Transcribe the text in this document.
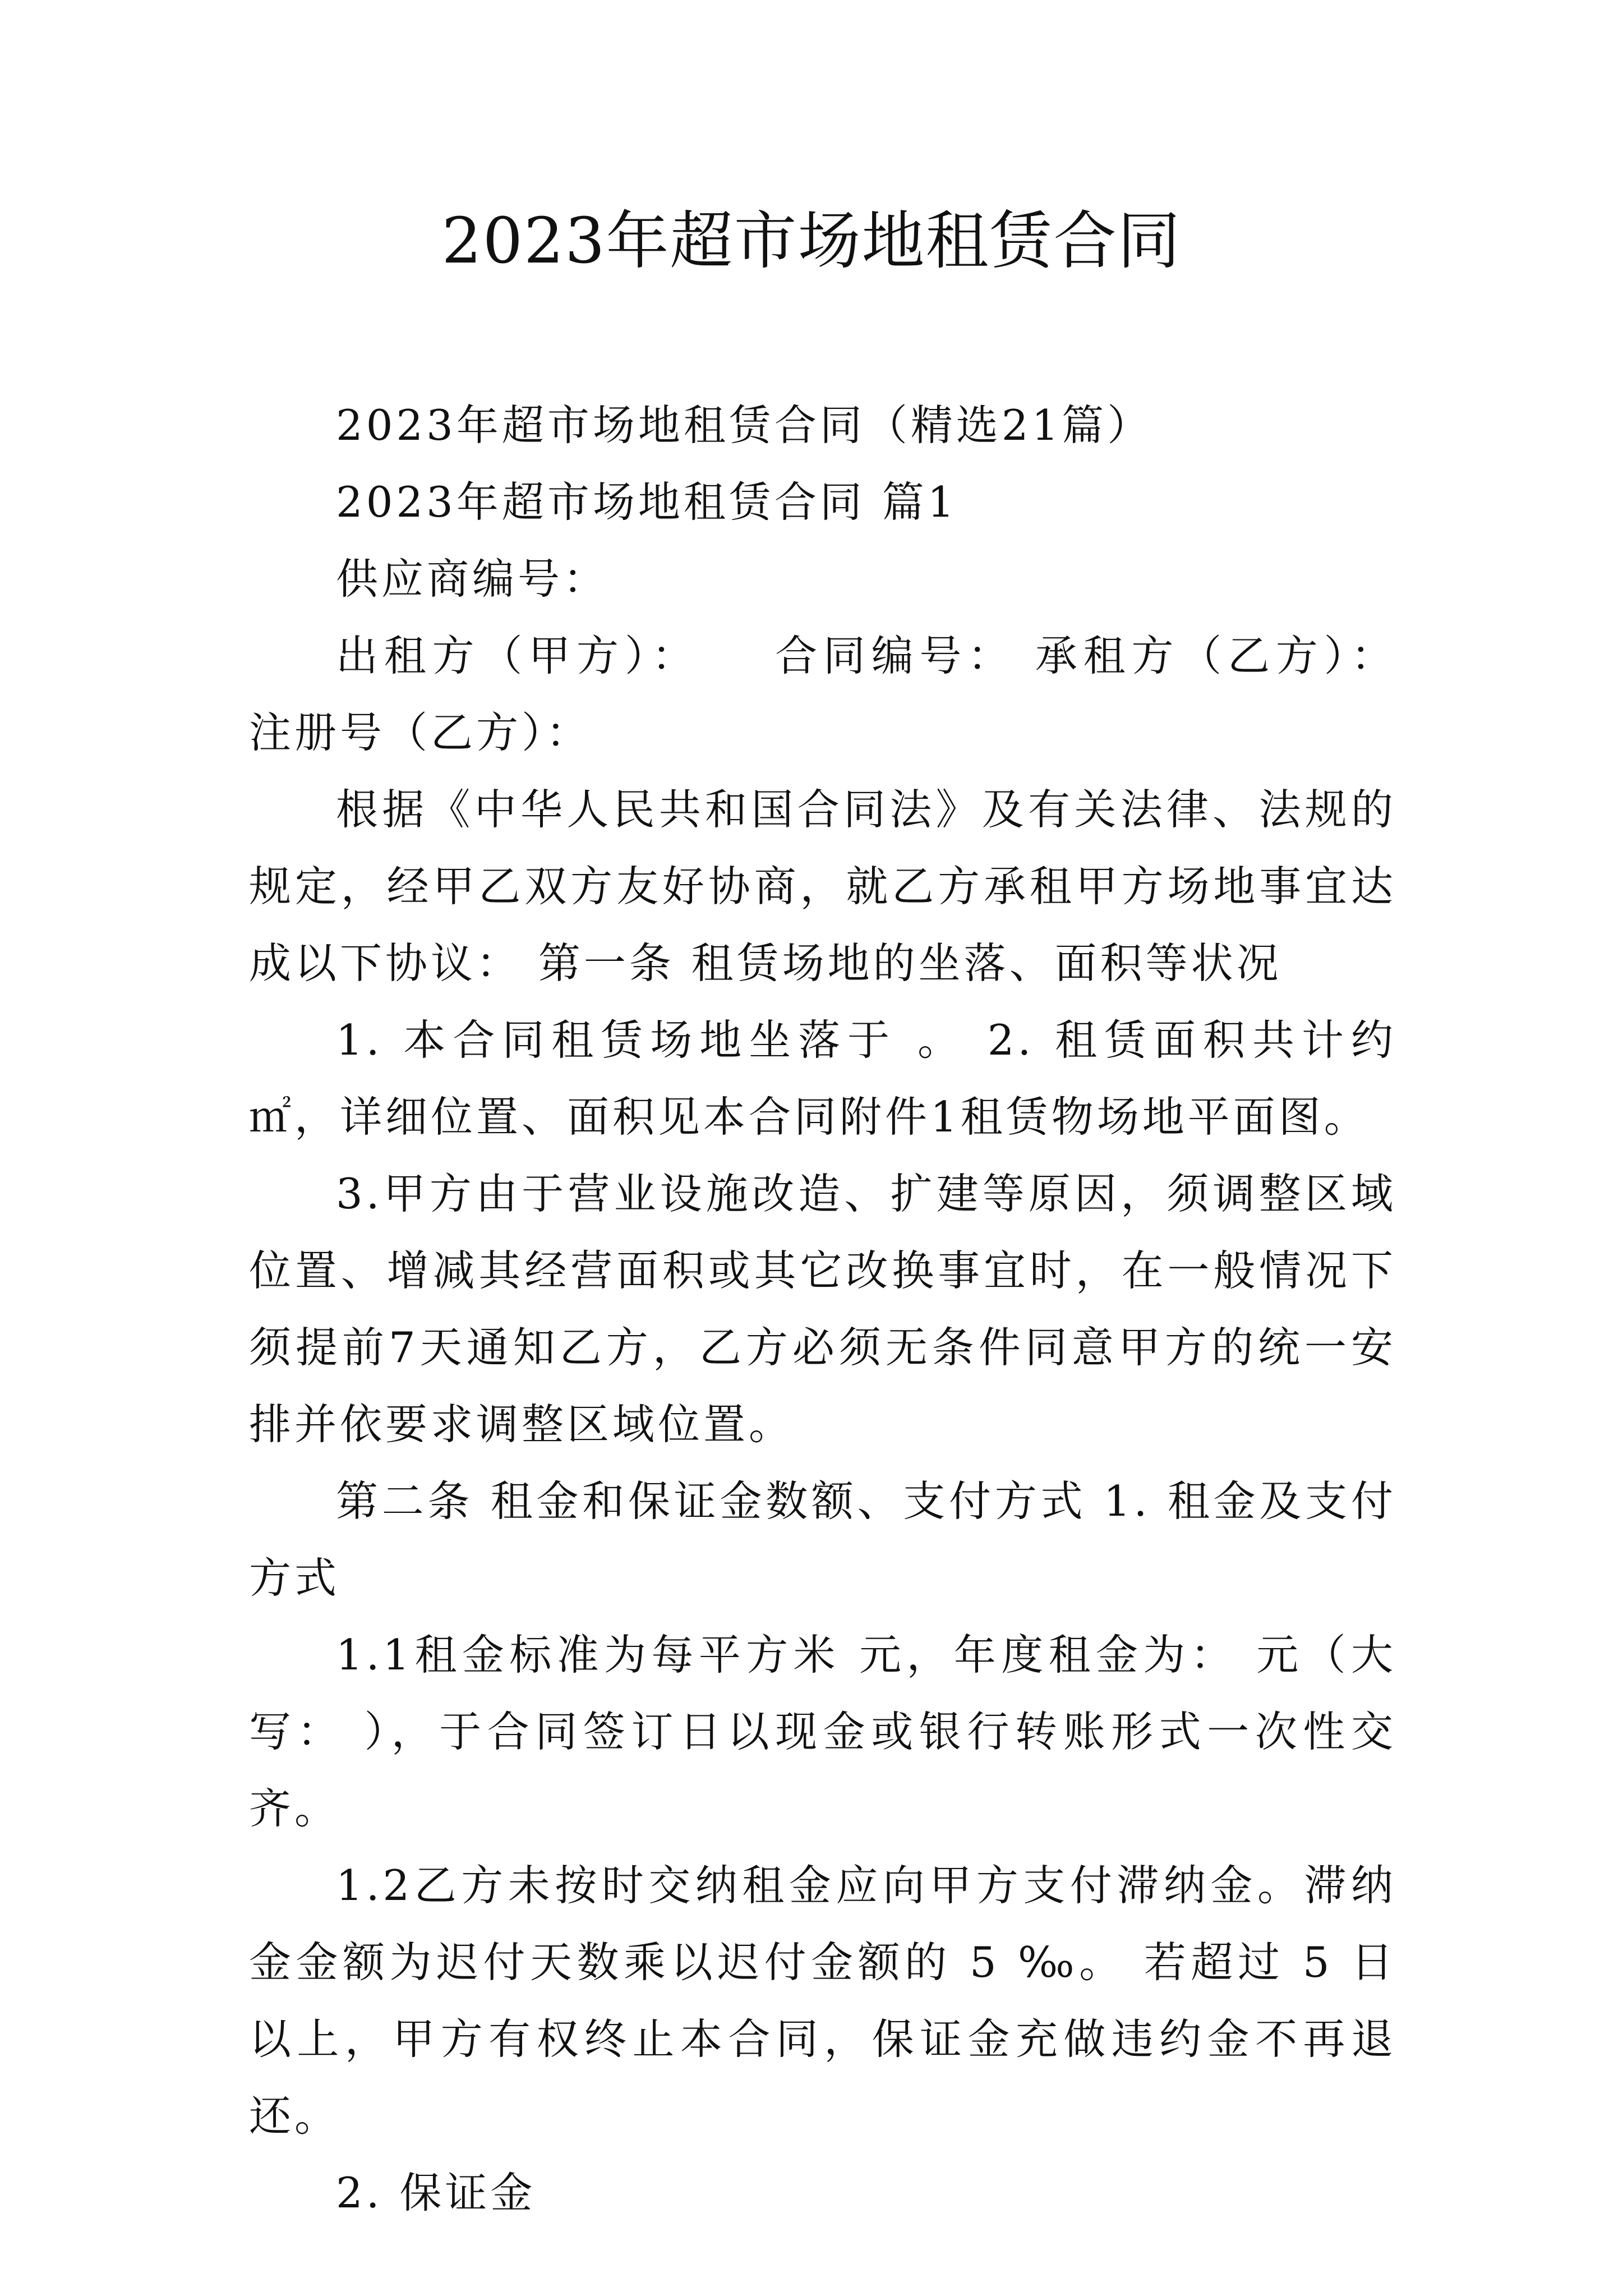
2023年超市场地租赁合同

2023年超市场地租赁合同（精选21篇）

2023年超市场地租赁合同 篇1

供应商编号：

出租方（甲方）：　　合同编号： 承租方（乙方）： 注册号（乙方）：

根据《中华人民共和国合同法》及有关法律、法规的规定，经甲乙双方友好协商，就乙方承租甲方场地事宜达成以下协议： 第一条 租赁场地的坐落、面积等状况

1. 本合同租赁场地坐落于 。 2. 租赁面积共计约 ㎡，详细位置、面积见本合同附件1租赁物场地平面图。

3.甲方由于营业设施改造、扩建等原因，须调整区域位置、增减其经营面积或其它改换事宜时，在一般情况下须提前7天通知乙方，乙方必须无条件同意甲方的统一安排并依要求调整区域位置。

第二条 租金和保证金数额、支付方式 1. 租金及支付方式

1.1租金标准为每平方米 元，年度租金为： 元（大写： ），于合同签订日以现金或银行转账形式一次性交齐。

1.2乙方未按时交纳租金应向甲方支付滞纳金。滞纳金金额为迟付天数乘以迟付金额的 5 ‰。 若超过 5 日以上，甲方有权终止本合同，保证金充做违约金不再退还。

2. 保证金
